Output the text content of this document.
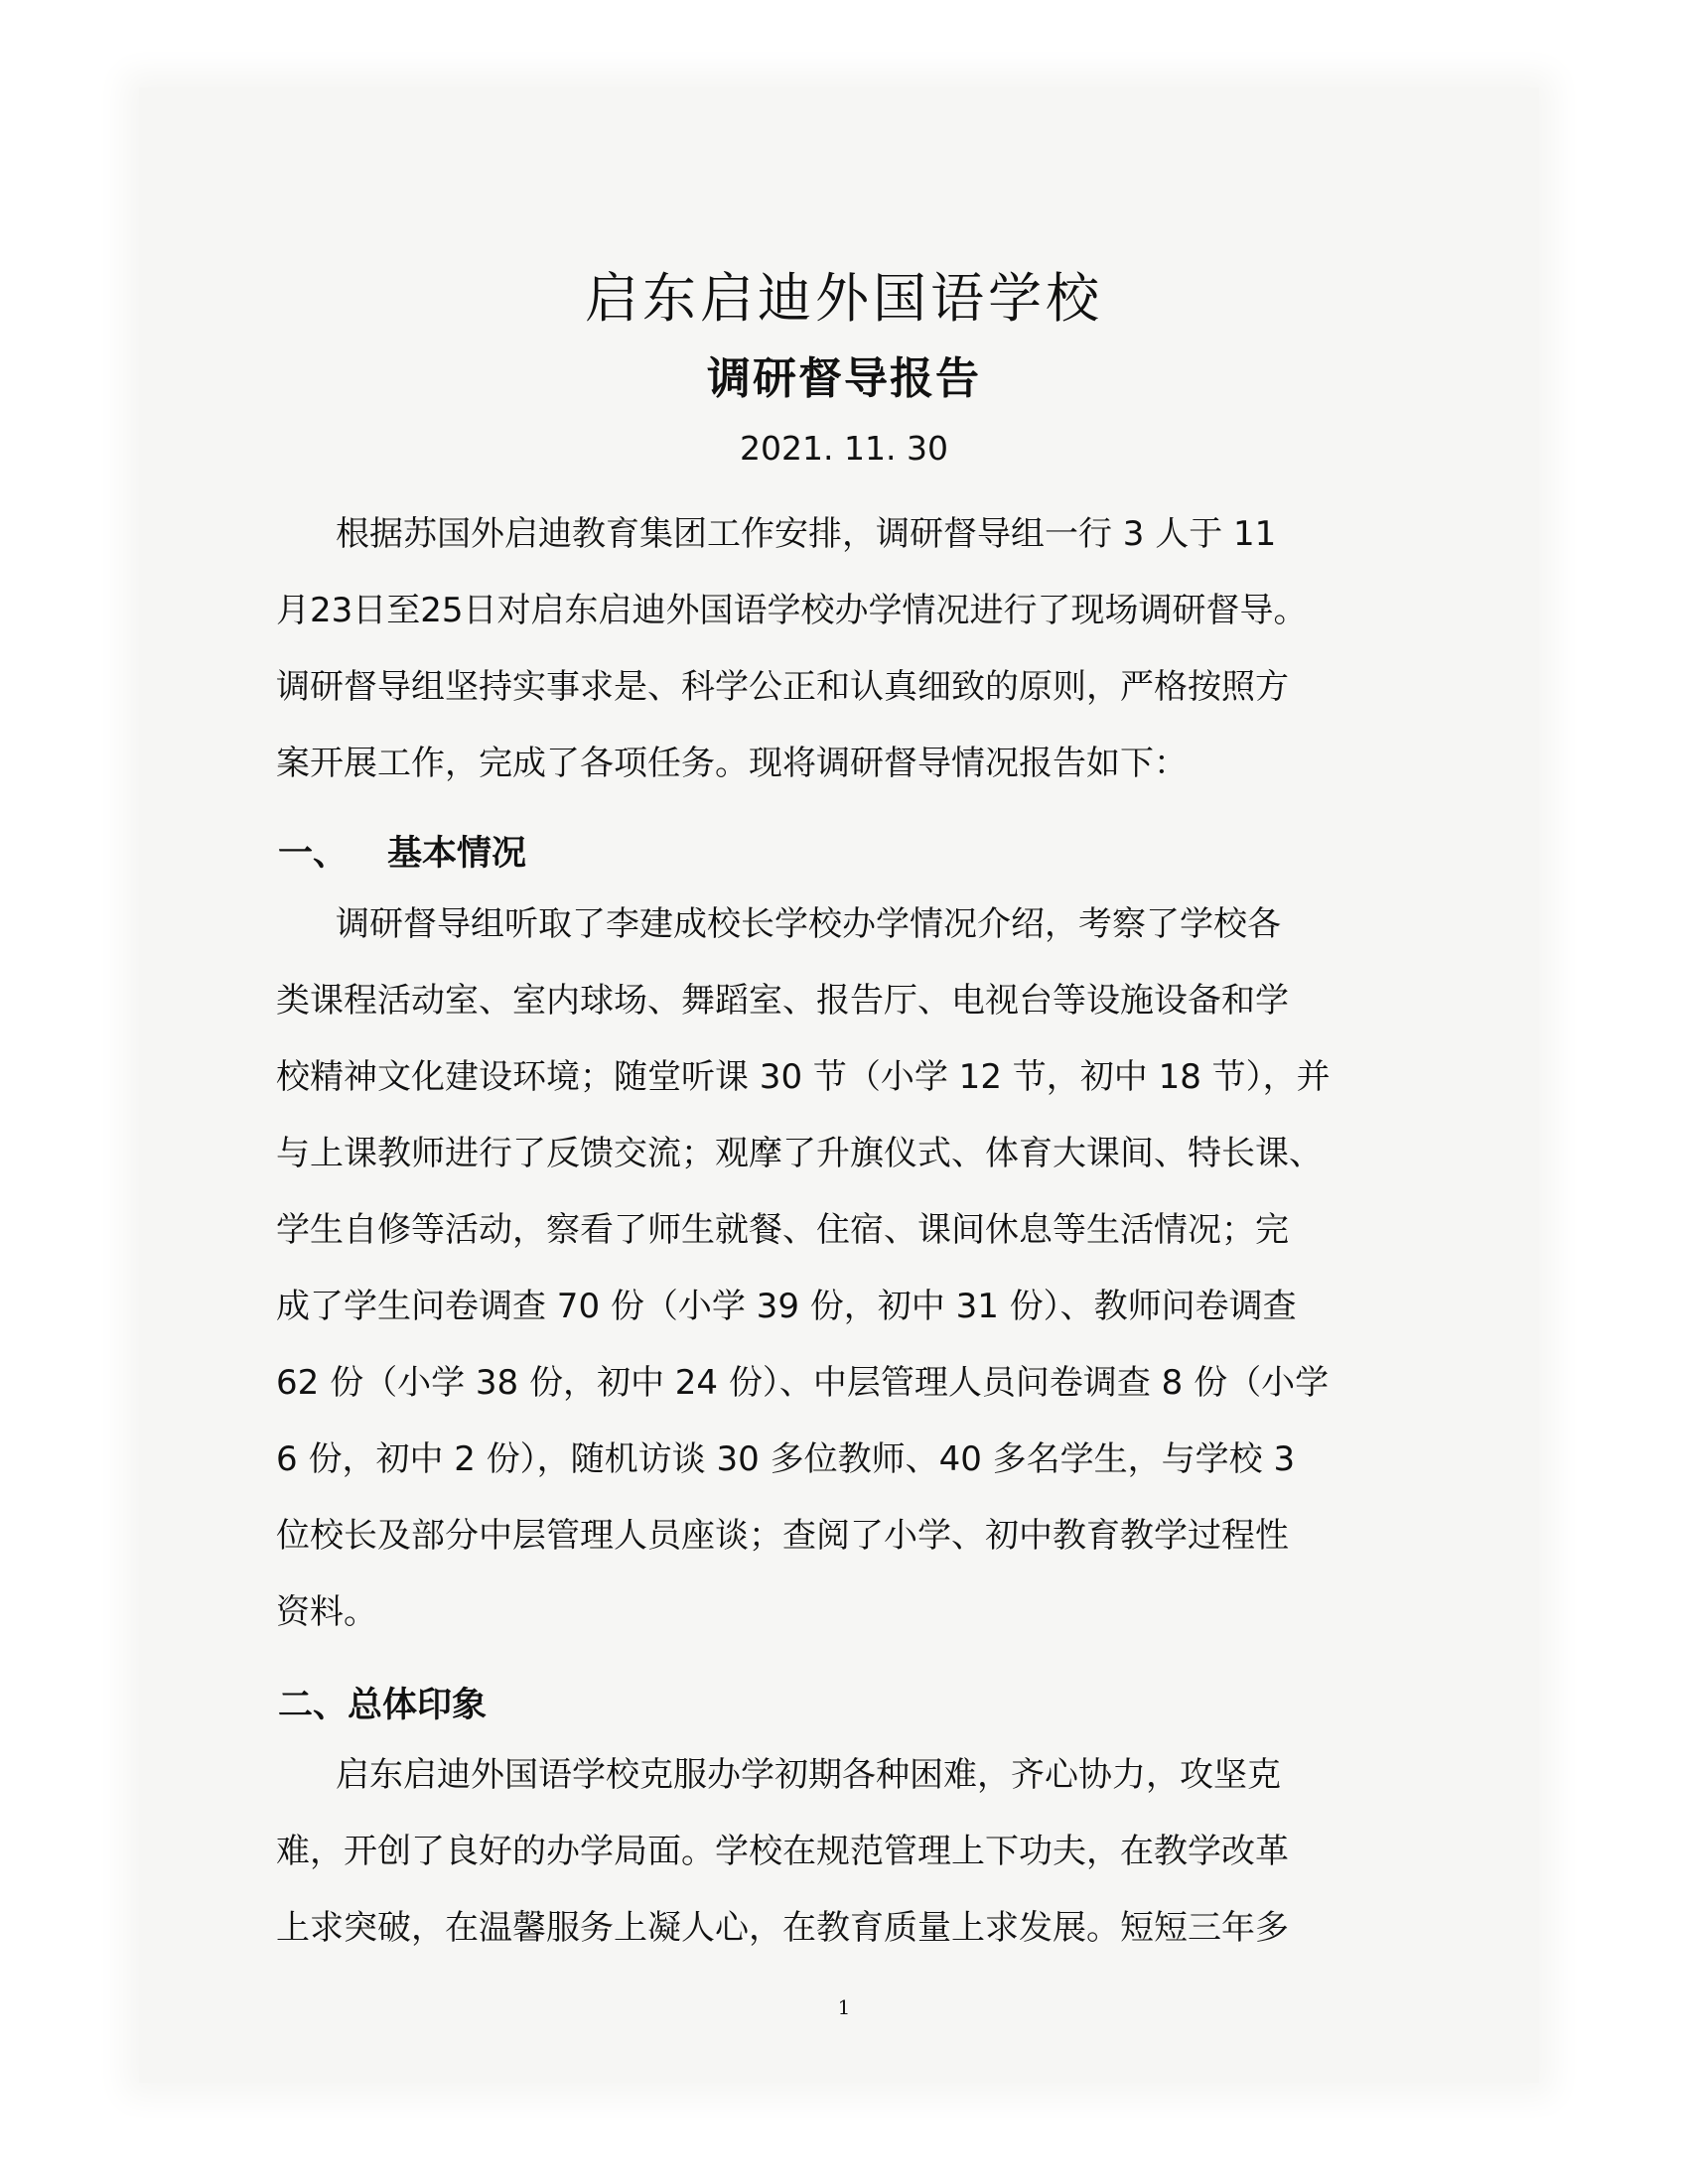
启东启迪外国语学校
调研督导报告
2021. 11. 30
根据苏国外启迪教育集团工作安排，调研督导组一行 3 人于 11
月23日至25日对启东启迪外国语学校办学情况进行了现场调研督导。
调研督导组坚持实事求是、科学公正和认真细致的原则，严格按照方
案开展工作，完成了各项任务。现将调研督导情况报告如下：
一、 基本情况
调研督导组听取了李建成校长学校办学情况介绍，考察了学校各
类课程活动室、室内球场、舞蹈室、报告厅、电视台等设施设备和学
校精神文化建设环境；随堂听课 30 节（小学 12 节，初中 18 节），并
与上课教师进行了反馈交流；观摩了升旗仪式、体育大课间、特长课、
学生自修等活动，察看了师生就餐、住宿、课间休息等生活情况；完
成了学生问卷调查 70 份（小学 39 份，初中 31 份）、教师问卷调查
62 份（小学 38 份，初中 24 份）、中层管理人员问卷调查 8 份（小学
6 份，初中 2 份），随机访谈 30 多位教师、40 多名学生，与学校 3
位校长及部分中层管理人员座谈；查阅了小学、初中教育教学过程性
资料。
二、总体印象
启东启迪外国语学校克服办学初期各种困难，齐心协力，攻坚克
难，开创了良好的办学局面。学校在规范管理上下功夫，在教学改革
上求突破，在温馨服务上凝人心，在教育质量上求发展。短短三年多
1
